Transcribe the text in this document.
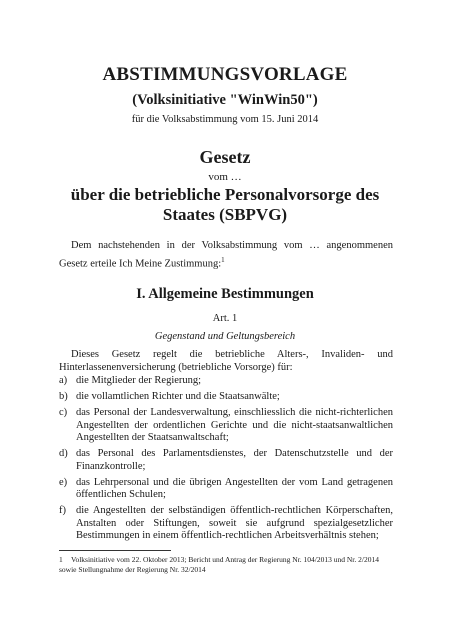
ABSTIMMUNGSVORLAGE
(Volksinitiative "WinWin50")
für die Volksabstimmung vom 15. Juni 2014
Gesetz
vom …
über die betriebliche Personalvorsorge des
Staates (SBPVG)
Dem nachstehenden in der Volksabstimmung vom … angenommenen Gesetz erteile Ich Meine Zustimmung:$^1$
I. Allgemeine Bestimmungen
Art. 1
Gegenstand und Geltungsbereich
Dieses Gesetz regelt die betriebliche Alters-, Invaliden- und Hinterlassenenversicherung (betriebliche Vorsorge) für:
a) die Mitglieder der Regierung;
b) die vollamtlichen Richter und die Staatsanwälte;
c) das Personal der Landesverwaltung, einschliesslich die nicht-richterlichen Angestellten der ordentlichen Gerichte und die nicht-staatsanwaltlichen Angestellten der Staatsanwaltschaft;
d) das Personal des Parlamentsdienstes, der Datenschutzstelle und der Finanzkontrolle;
e) das Lehrpersonal und die übrigen Angestellten der vom Land getragenen öffentlichen Schulen;
f) die Angestellten der selbständigen öffentlich-rechtlichen Körperschaften, Anstalten oder Stiftungen, soweit sie aufgrund spezialgesetzlicher Bestimmungen in einem öffentlich-rechtlichen Arbeitsverhältnis stehen;
1 Volksinitiative vom 22. Oktober 2013; Bericht und Antrag der Regierung Nr. 104/2013 und Nr. 2/2014 sowie Stellungnahme der Regierung Nr. 32/2014
